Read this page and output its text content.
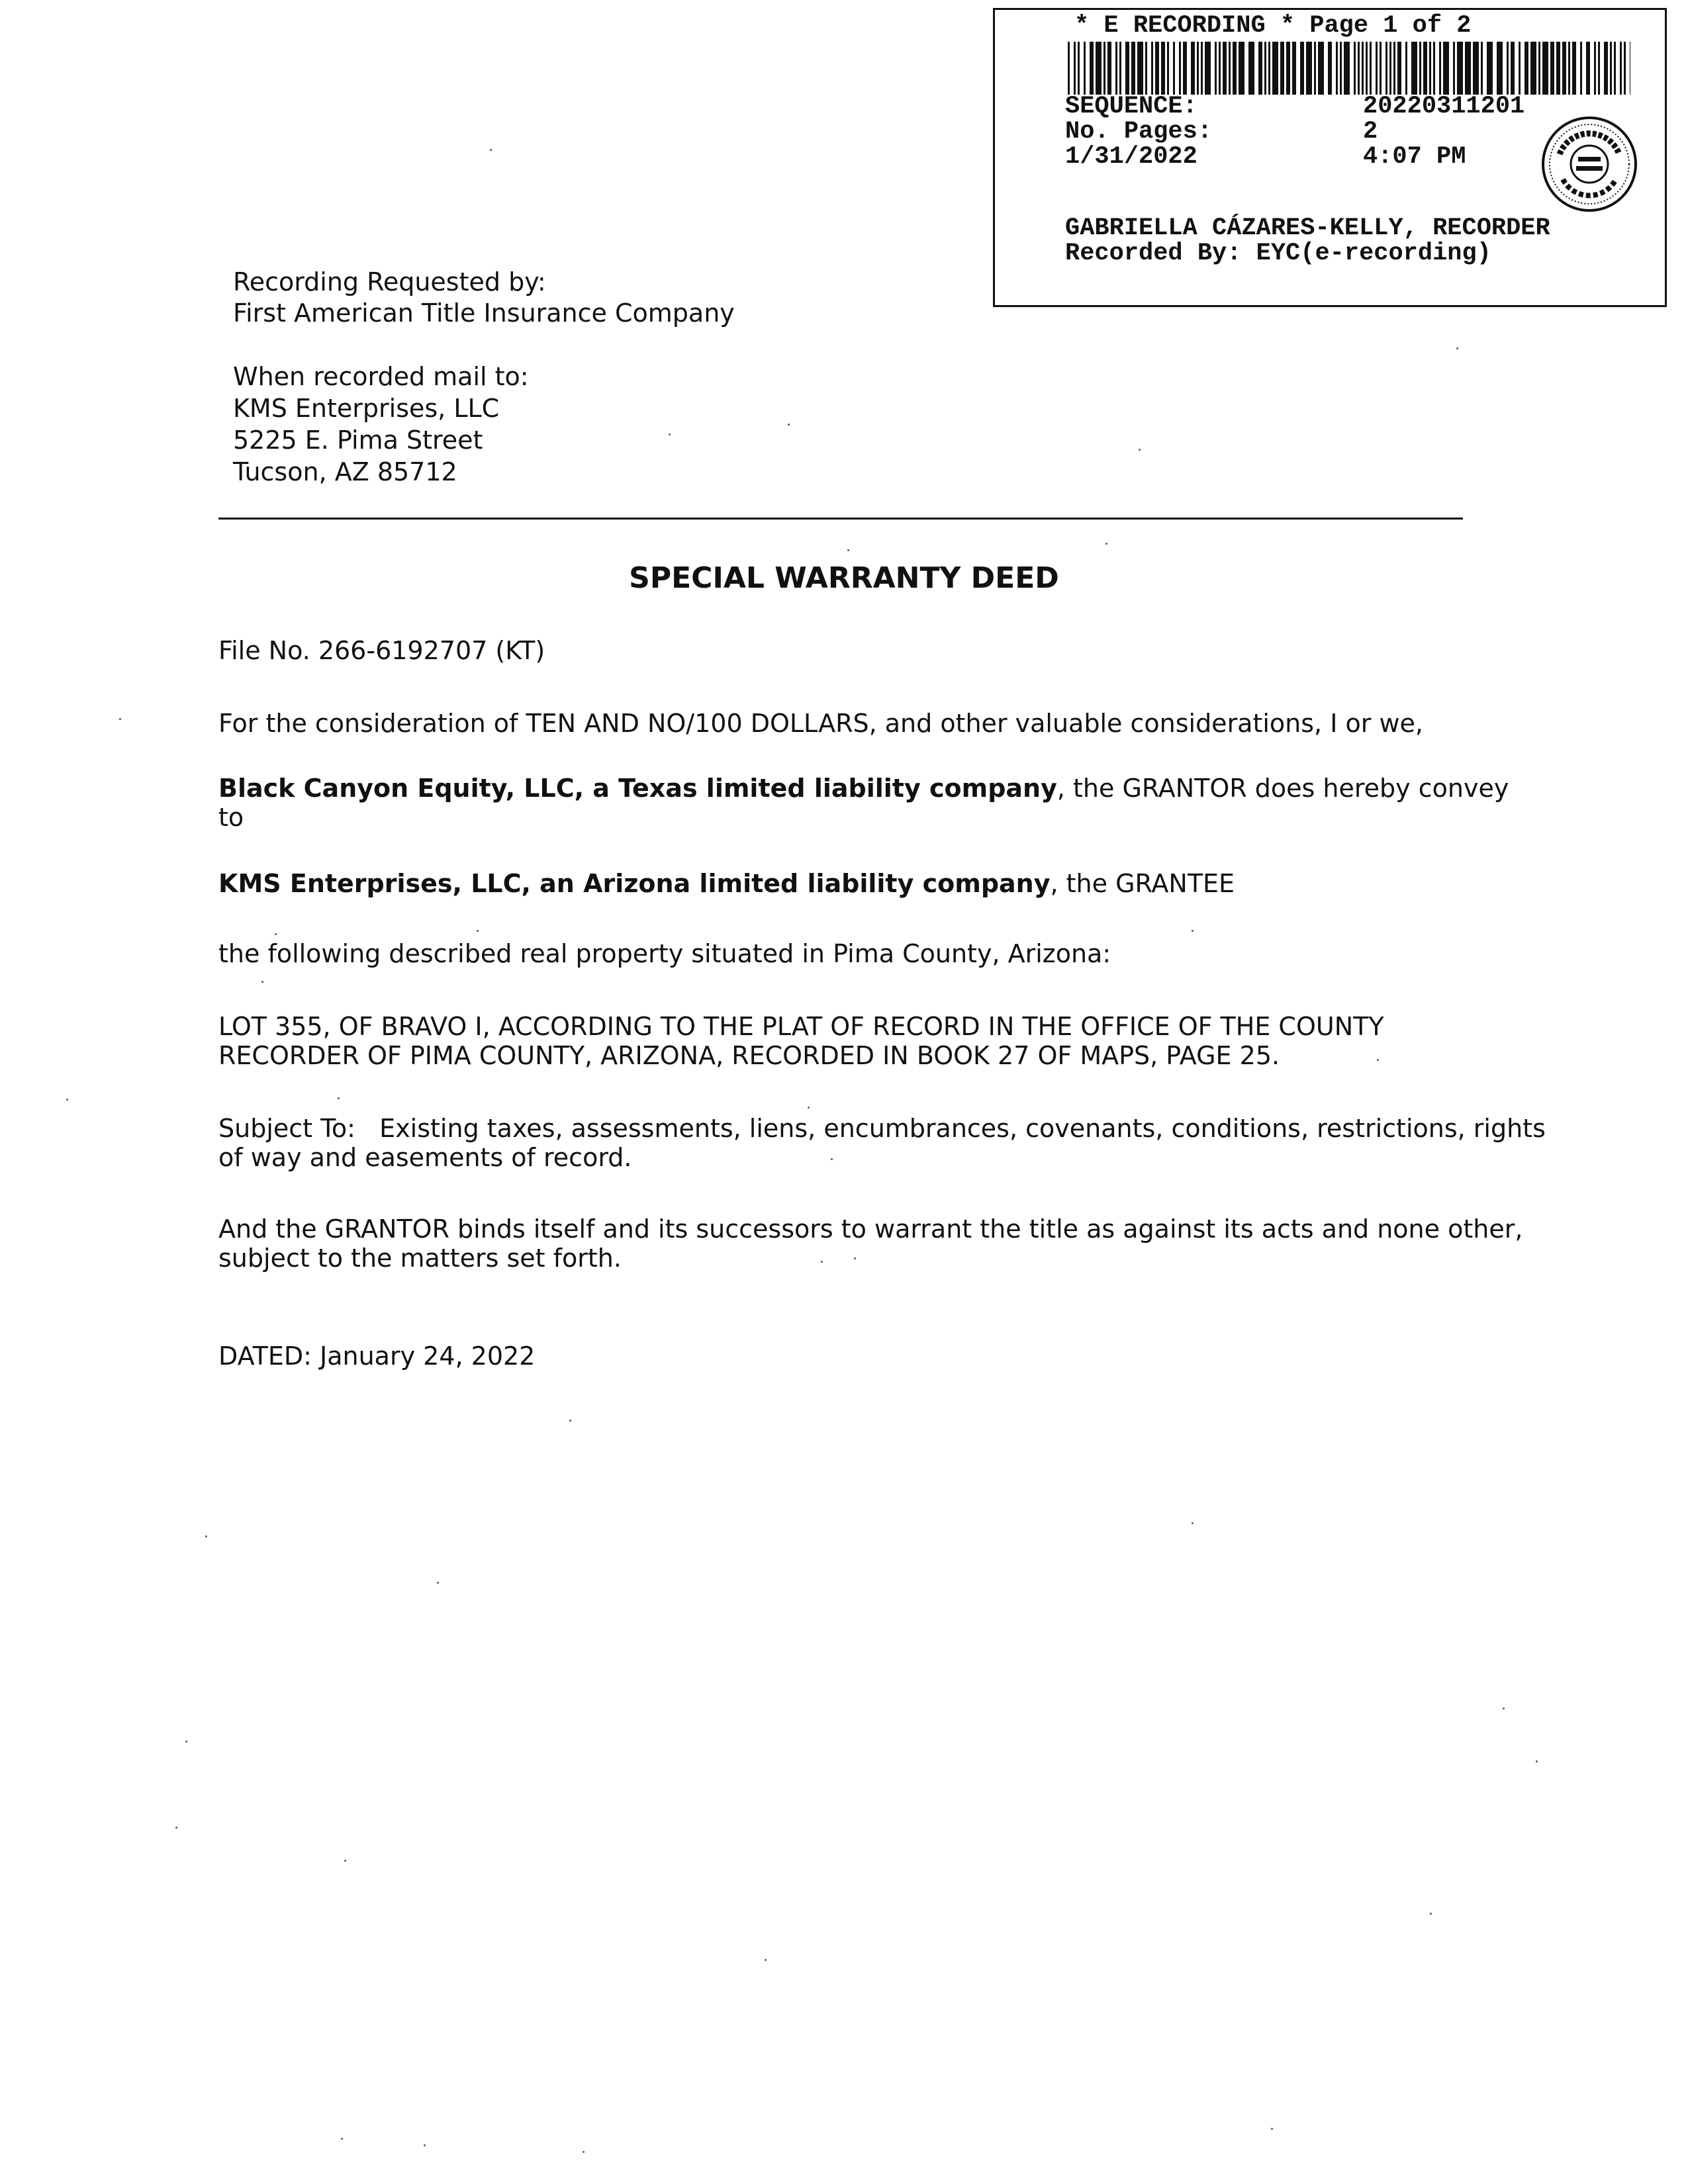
* E RECORDING * Page 1 of 2
SEQUENCE:	20220311201
No. Pages:	2
1/31/2022	4:07 PM
GABRIELLA CÁZARES-KELLY, RECORDER
Recorded By: EYC(e-recording)
Recording Requested by:
First American Title Insurance Company
When recorded mail to:
KMS Enterprises, LLC
5225 E. Pima Street
Tucson, AZ 85712
SPECIAL WARRANTY DEED
File No. 266-6192707 (KT)
For the consideration of TEN AND NO/100 DOLLARS, and other valuable considerations, I or we,
Black Canyon Equity, LLC, a Texas limited liability company, the GRANTOR does hereby convey
to
KMS Enterprises, LLC, an Arizona limited liability company, the GRANTEE
the following described real property situated in Pima County, Arizona:
LOT 355, OF BRAVO I, ACCORDING TO THE PLAT OF RECORD IN THE OFFICE OF THE COUNTY
RECORDER OF PIMA COUNTY, ARIZONA, RECORDED IN BOOK 27 OF MAPS, PAGE 25.
Subject To:   Existing taxes, assessments, liens, encumbrances, covenants, conditions, restrictions, rights
of way and easements of record.
And the GRANTOR binds itself and its successors to warrant the title as against its acts and none other,
subject to the matters set forth.
DATED: January 24, 2022
